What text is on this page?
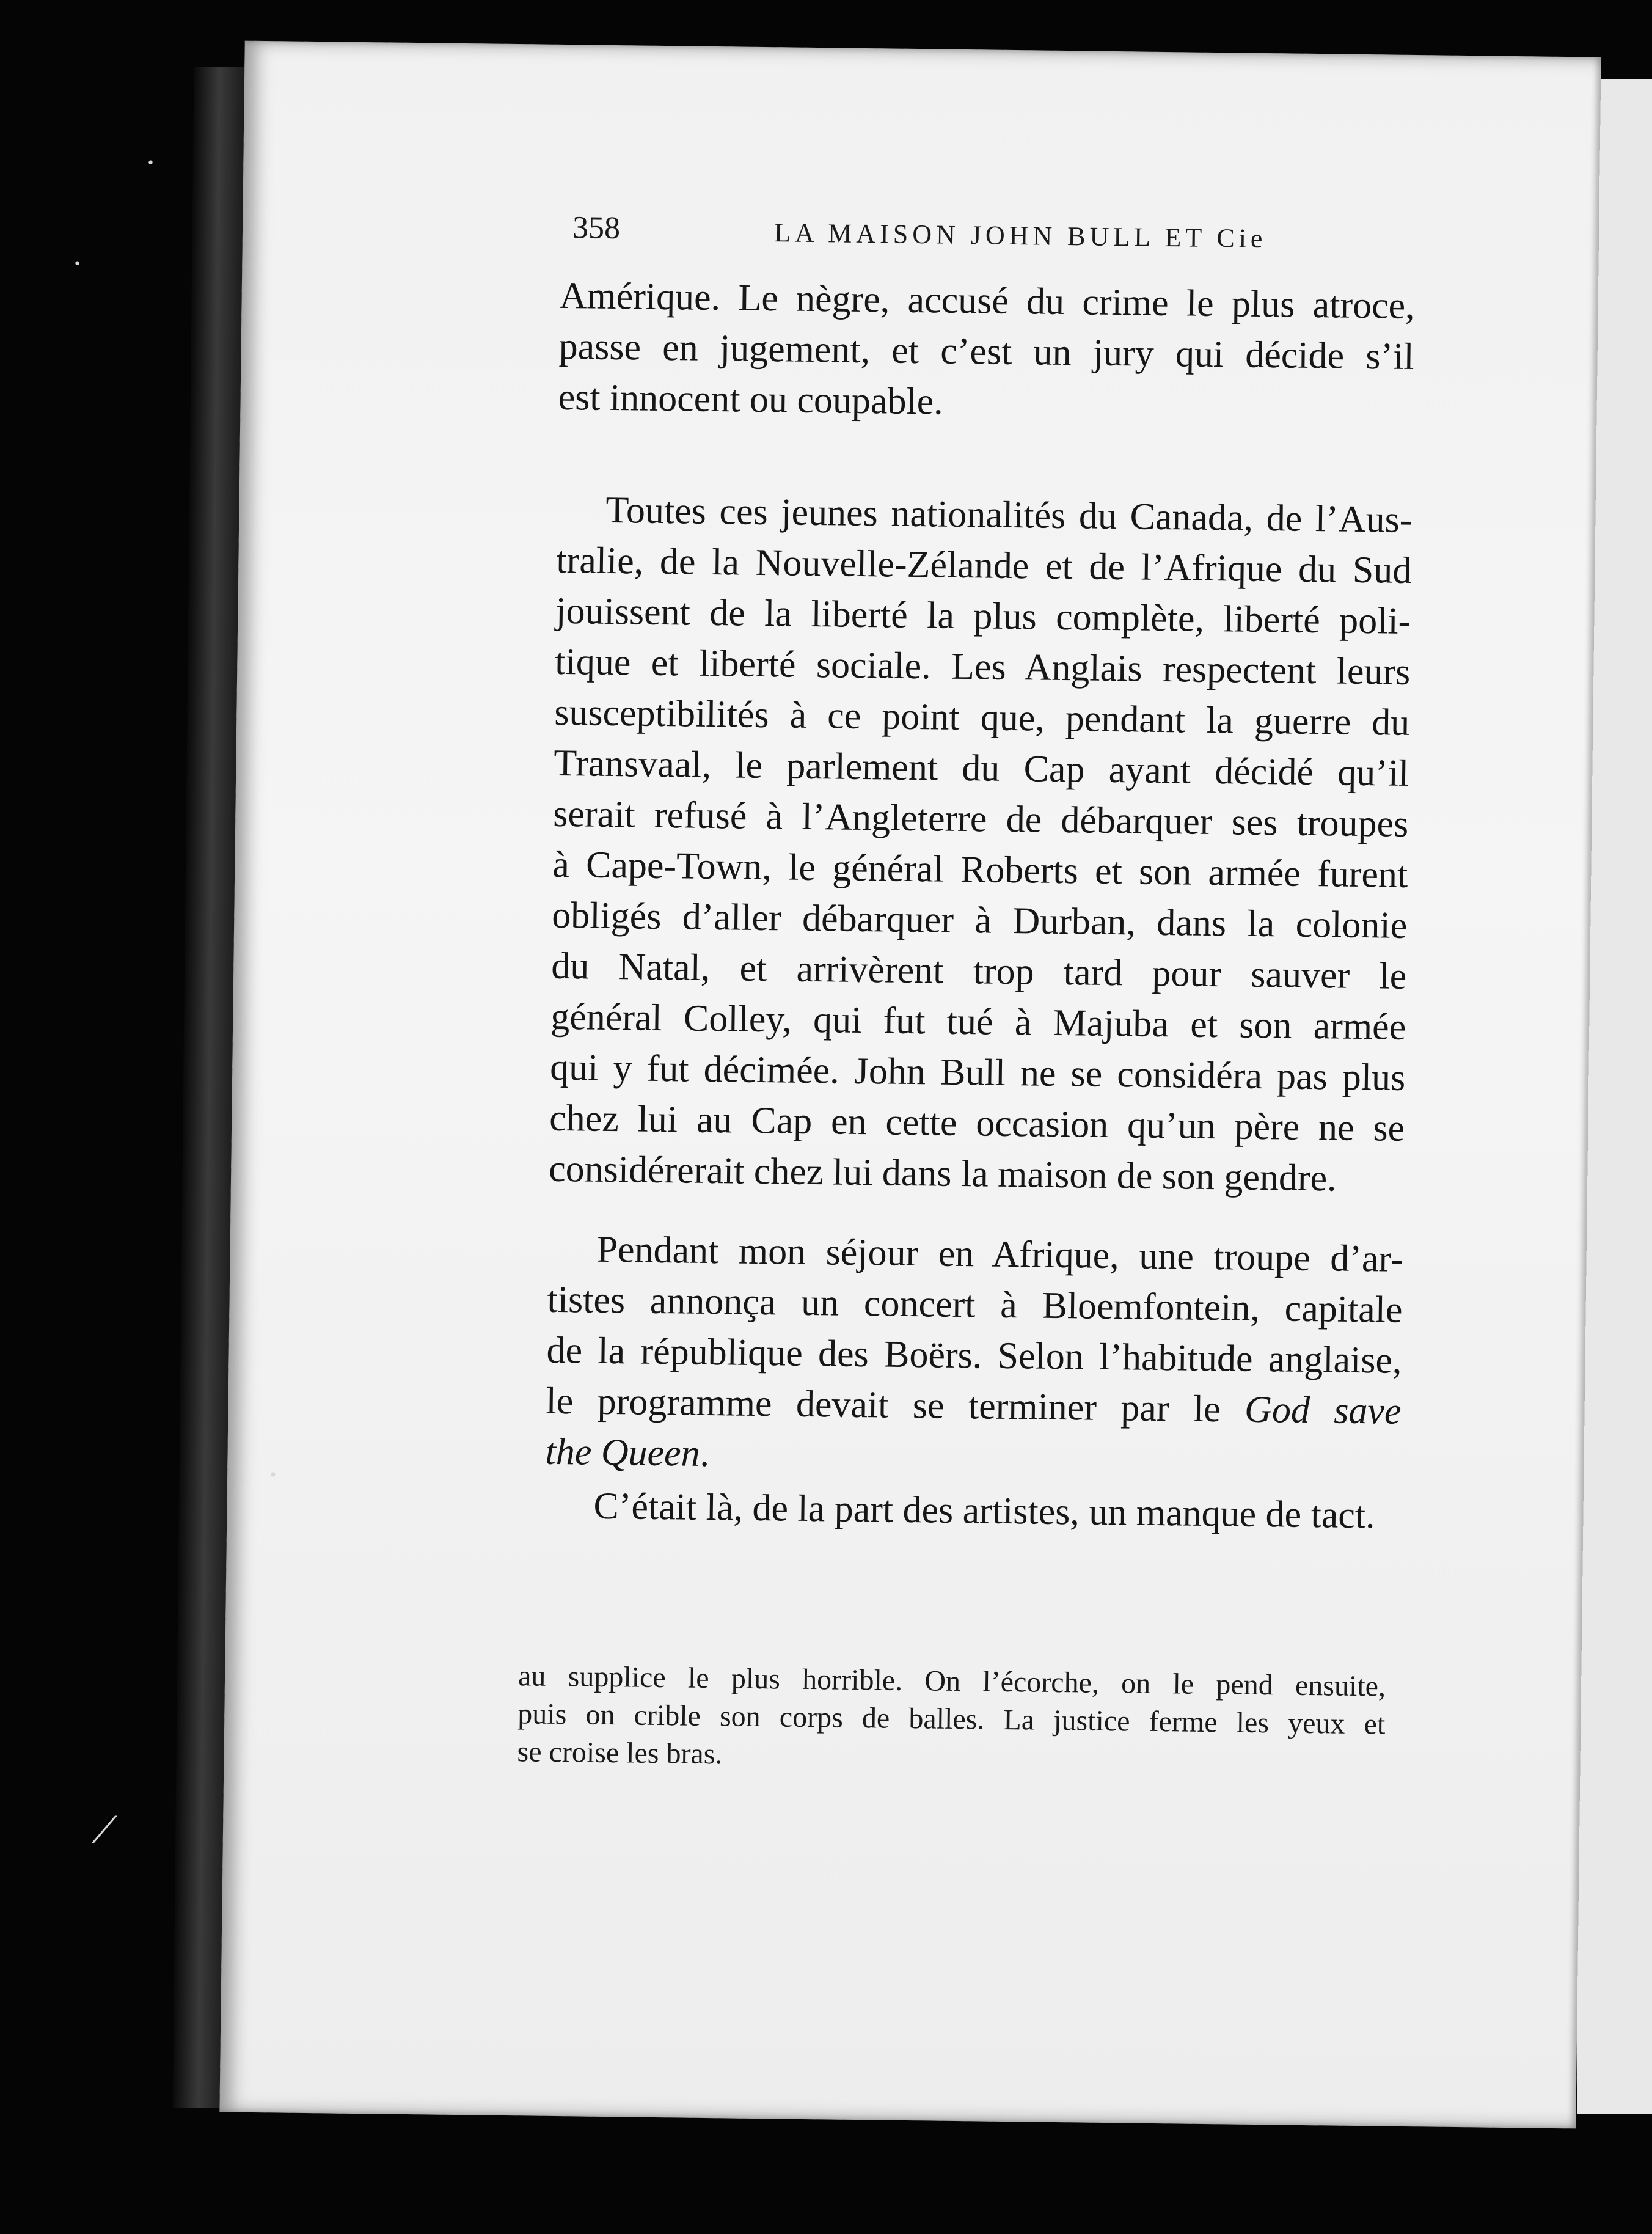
358	LA MAISON JOHN BULL ET Cie
Amérique. Le nègre, accusé du crime le plus atroce,
passe en jugement, et c’est un jury qui décide s’il
est innocent ou coupable.
Toutes ces jeunes nationalités du Canada, de l’Aus-
tralie, de la Nouvelle-Zélande et de l’Afrique du Sud
jouissent de la liberté la plus complète, liberté poli-
tique et liberté sociale. Les Anglais respectent leurs
susceptibilités à ce point que, pendant la guerre du
Transvaal, le parlement du Cap ayant décidé qu’il
serait refusé à l’Angleterre de débarquer ses troupes
à Cape-Town, le général Roberts et son armée furent
obligés d’aller débarquer à Durban, dans la colonie
du Natal, et arrivèrent trop tard pour sauver le
général Colley, qui fut tué à Majuba et son armée
qui y fut décimée. John Bull ne se considéra pas plus
chez lui au Cap en cette occasion qu’un père ne se
considérerait chez lui dans la maison de son gendre.
Pendant mon séjour en Afrique, une troupe d’ar-
tistes annonça un concert à Bloemfontein, capitale
de la république des Boërs. Selon l’habitude anglaise,
le programme devait se terminer par le God save
the Queen.
C’était là, de la part des artistes, un manque de tact.
au supplice le plus horrible. On l’écorche, on le pend ensuite,
puis on crible son corps de balles. La justice ferme les yeux et
se croise les bras.
•
•
•
⟋
